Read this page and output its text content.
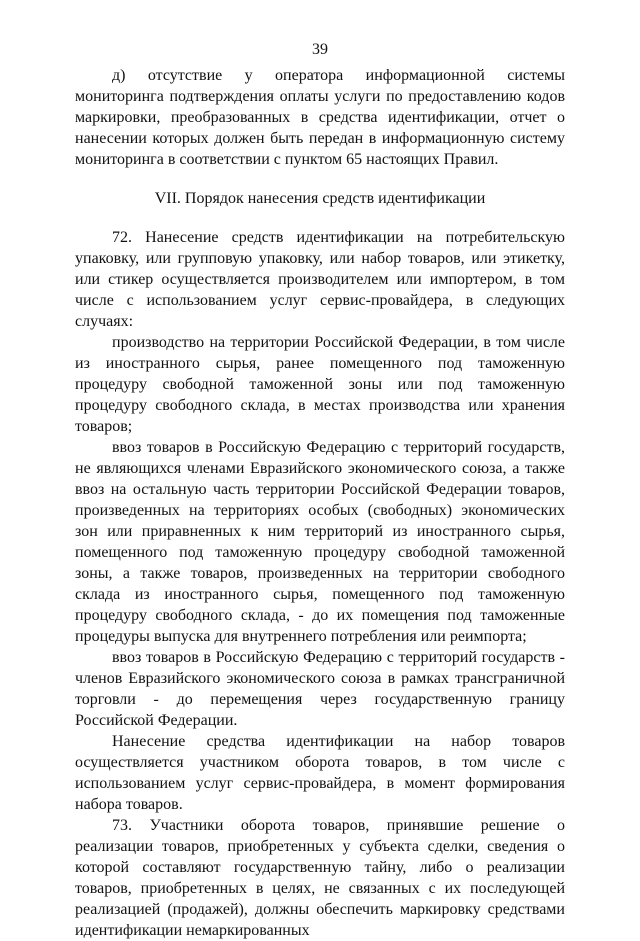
39

д) отсутствие у оператора информационной системы мониторинга подтверждения оплаты услуги по предоставлению кодов маркировки, преобразованных в средства идентификации, отчет о нанесении которых должен быть передан в информационную систему мониторинга в соответствии с пунктом 65 настоящих Правил.

VII. Порядок нанесения средств идентификации

72. Нанесение средств идентификации на потребительскую упаковку, или групповую упаковку, или набор товаров, или этикетку, или стикер осуществляется производителем или импортером, в том числе с использованием услуг сервис-провайдера, в следующих случаях:

производство на территории Российской Федерации, в том числе из иностранного сырья, ранее помещенного под таможенную процедуру свободной таможенной зоны или под таможенную процедуру свободного склада, в местах производства или хранения товаров;

ввоз товаров в Российскую Федерацию с территорий государств, не являющихся членами Евразийского экономического союза, а также ввоз на остальную часть территории Российской Федерации товаров, произведенных на территориях особых (свободных) экономических зон или приравненных к ним территорий из иностранного сырья, помещенного под таможенную процедуру свободной таможенной зоны, а также товаров, произведенных на территории свободного склада из иностранного сырья, помещенного под таможенную процедуру свободного склада, - до их помещения под таможенные процедуры выпуска для внутреннего потребления или реимпорта;

ввоз товаров в Российскую Федерацию с территорий государств - членов Евразийского экономического союза в рамках трансграничной торговли - до перемещения через государственную границу Российской Федерации.

Нанесение средства идентификации на набор товаров осуществляется участником оборота товаров, в том числе с использованием услуг сервис-провайдера, в момент формирования набора товаров.

73. Участники оборота товаров, принявшие решение о реализации товаров, приобретенных у субъекта сделки, сведения о которой составляют государственную тайну, либо о реализации товаров, приобретенных в целях, не связанных с их последующей реализацией (продажей), должны обеспечить маркировку средствами идентификации немаркированных
